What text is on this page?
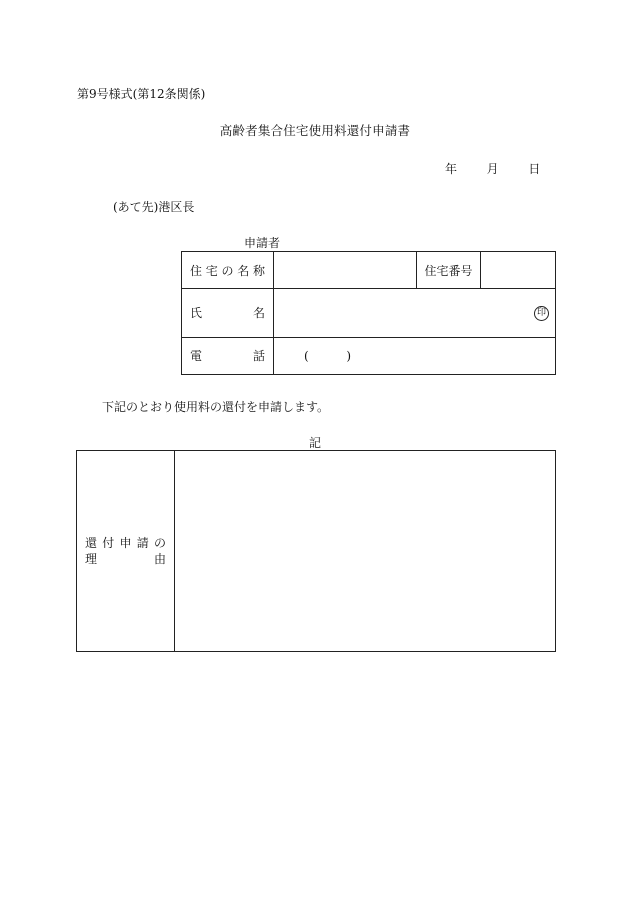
第9号様式(第12条関係)
高齢者集合住宅使用料還付申請書
年 月 日
(あて先)港区長
申請者
住 宅 の 名 称		住宅番号	

氏 名	印		

電 話	( )		
下記のとおり使用料の還付を申請します。
記
還 付 申 請 の
理	由
